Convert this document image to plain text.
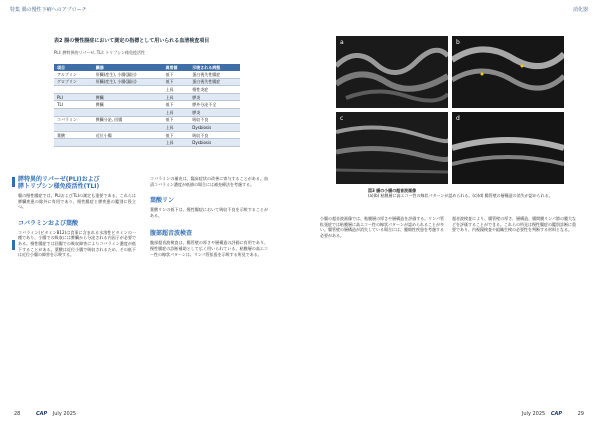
特集 腸の慢性下痢へのアプローチ
表2 腸の慢性腸症において測定の指標として用いられる血清検査項目
PLI: 膵特異的リパーゼ, TLI: トリプシン様免疫活性
項目	臓器	異常値	示唆される病態
アルブミン	肝臓(産生), 小腸(漏出)	低下	蛋白喪失性腸症
グロブリン	肝臓(産生), 小腸(漏出)	低下	蛋白喪失性腸症
		上昇	慢性炎症
PLI	膵臓	上昇	膵炎
TLI	膵臓	低下	膵外分泌不全
		上昇	膵炎
コバラミン	膵臓分泌, 回腸	低下	吸収不良
		上昇	Dysbiosis
葉酸	近位小腸	低下	吸収不良
		上昇	Dysbiosis
膵特異的リパーゼ(PLI)および
膵トリプシン様免疫活性(TLI)
腸の慢性腸症では、PLIおよびTLIの測定も重要である。これらは膵臓疾患の除外に有用であり、慢性腸症と膵疾患の鑑別に役立つ。
コバラミンおよび葉酸
コバラミン(ビタミンB12)は食事に含まれる水溶性ビタミンの一種であり、小腸での吸収には膵臓から分泌される内因子が必要である。慢性腸症では回腸での吸収障害によりコバラミン濃度が低下することがある。葉酸は近位小腸で吸収されるため、その低下は近位小腸の障害を示唆する。
コバラミンの補充は、臨床症状の改善に寄与することがある。血清コバラミン濃度が低値の場合には補充療法を考慮する。
葉酸リン
葉酸リンの低下は、慢性腸症において吸収不良を示唆することがある。
腹部超音波検査
腹部超音波検査は、腸管壁の厚さや層構造の評価に有用であり、慢性腸症の診断補助として広く用いられている。粘膜層の高エコー性の線状パターンは、リンパ管拡張を示唆する所見である。
28	CAP July 2025
消化器
a	b
c	d
図3 腸の小腸の超音波画像
(a)(b) 粘膜層に高エコー性の線状パターンが認められる。(c)(d) 腸管壁の層構造の消失が認められる。
小腸の超音波画像では、粘膜層の厚さや層構造を評価する。リンパ管拡張症では粘膜層に高エコー性の線状パターンが認められることが多い。腸管壁の層構造が消失している場合には、腫瘍性疾患を考慮する必要がある。
超音波検査により、腸管壁の厚さ、層構造、腸間膜リンパ節の腫大などを評価することができる。これらの所見は慢性腸症の鑑別診断に重要であり、内視鏡検査や組織生検の必要性を判断する材料となる。
July 2025 CAP	29
